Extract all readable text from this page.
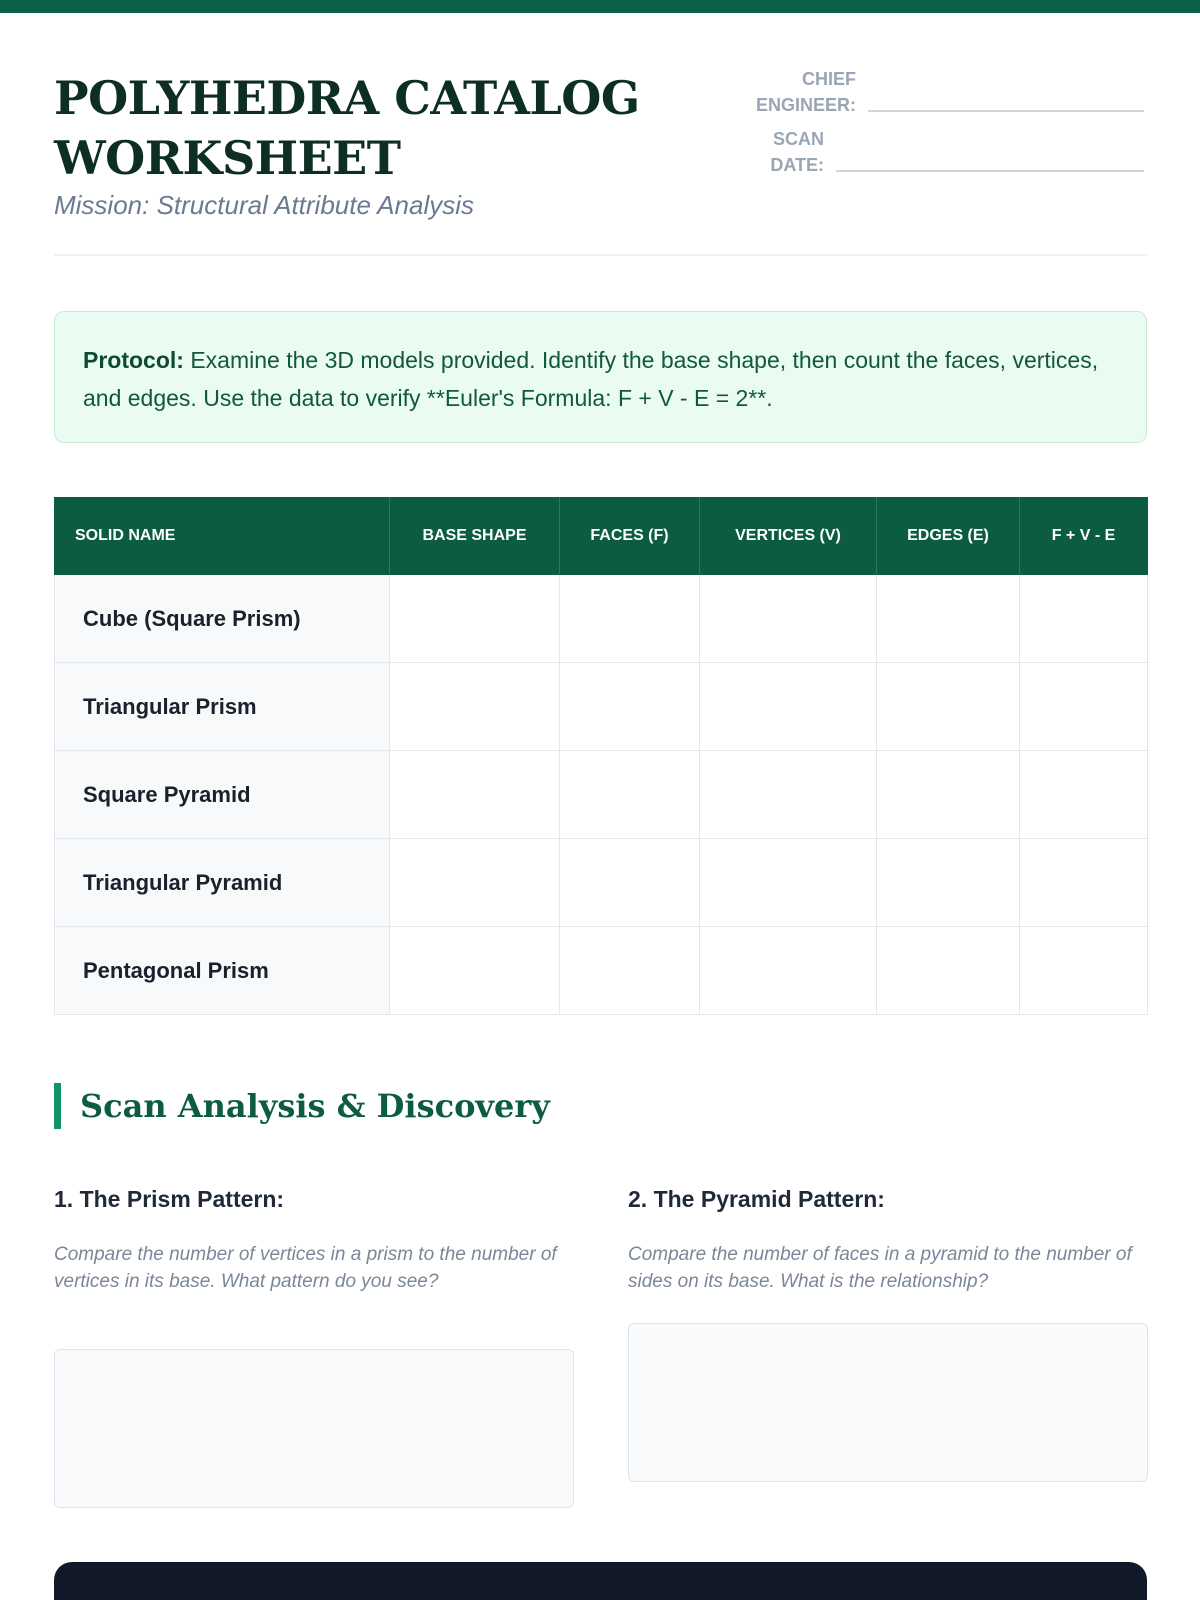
POLYHEDRA CATALOG
WORKSHEET
Mission: Structural Attribute Analysis
CHIEF
ENGINEER:
SCAN
DATE:
Protocol: Examine the 3D models provided. Identify the base shape, then count the faces, vertices, and edges. Use the data to verify **Euler's Formula: F + V - E = 2**.
SOLID NAME	BASE SHAPE	FACES (F)	VERTICES (V)	EDGES (E)	F + V - E
Cube (Square Prism)					
Triangular Prism					
Square Pyramid					
Triangular Pyramid					
Pentagonal Prism					
Scan Analysis & Discovery
1. The Prism Pattern:
Compare the number of vertices in a prism to the number of vertices in its base. What pattern do you see?
2. The Pyramid Pattern:
Compare the number of faces in a pyramid to the number of sides on its base. What is the relationship?
